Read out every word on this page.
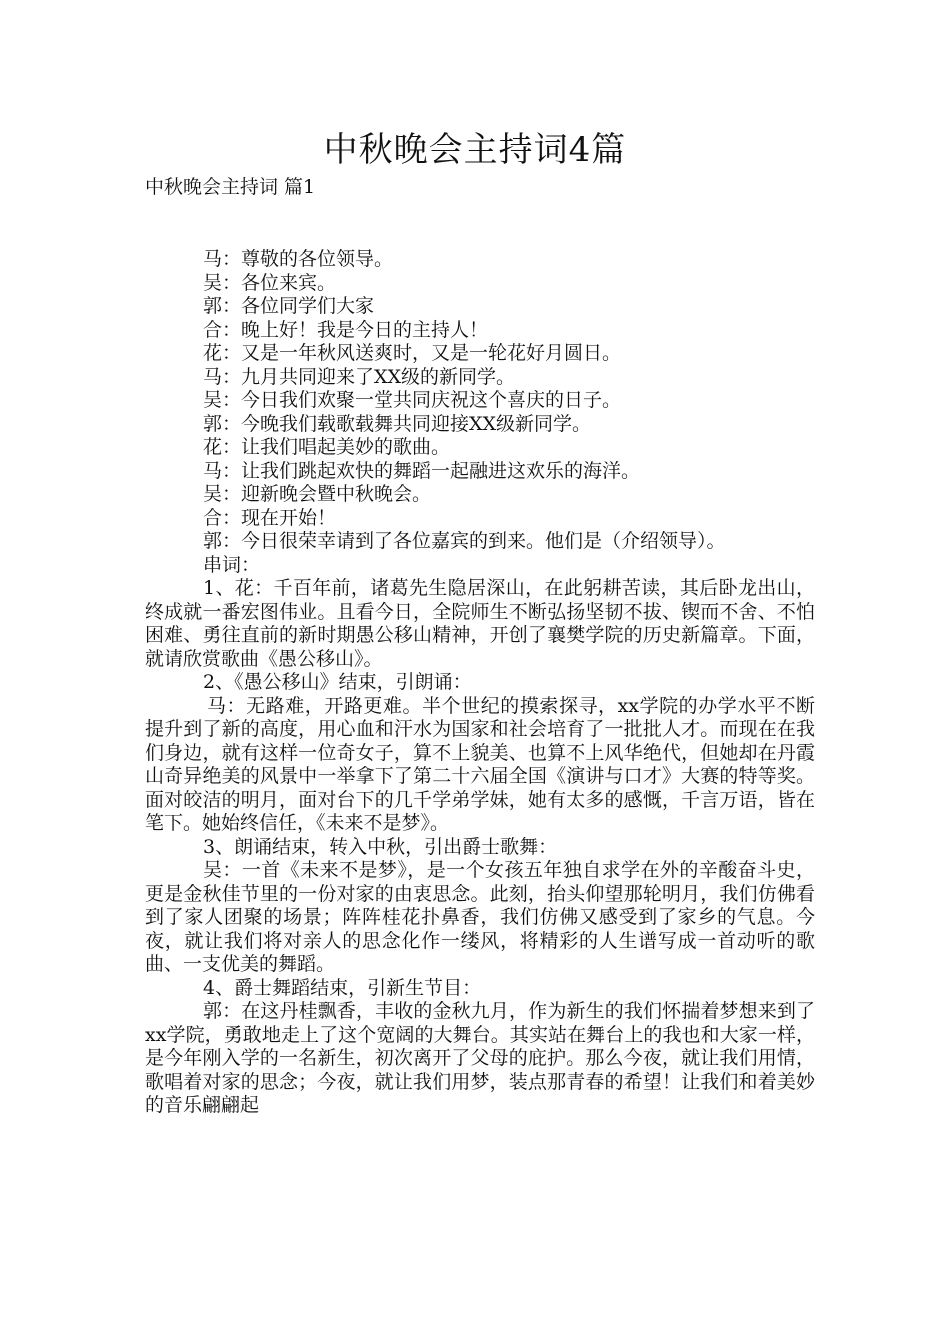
中秋晚会主持词4篇

中秋晚会主持词 篇1

马：尊敬的各位领导。

吴：各位来宾。

郭：各位同学们大家

合：晚上好！我是今日的主持人！

花：又是一年秋风送爽时，又是一轮花好月圆日。

马：九月共同迎来了XX级的新同学。

吴：今日我们欢聚一堂共同庆祝这个喜庆的日子。

郭：今晚我们载歌载舞共同迎接XX级新同学。

花：让我们唱起美妙的歌曲。

马：让我们跳起欢快的舞蹈一起融进这欢乐的海洋。

吴：迎新晚会暨中秋晚会。

合：现在开始！

郭：今日很荣幸请到了各位嘉宾的到来。他们是（介绍领导）。

串词：

1、花：千百年前，诸葛先生隐居深山，在此躬耕苦读，其后卧龙出山，终成就一番宏图伟业。且看今日，全院师生不断弘扬坚韧不拔、锲而不舍、不怕困难、勇往直前的新时期愚公移山精神，开创了襄樊学院的历史新篇章。下面，就请欣赏歌曲《愚公移山》。

2、《愚公移山》结束，引朗诵：

马：无路难，开路更难。半个世纪的摸索探寻，xx学院的办学水平不断提升到了新的高度，用心血和汗水为国家和社会培育了一批批人才。而现在在我们身边，就有这样一位奇女子，算不上貌美、也算不上风华绝代，但她却在丹霞山奇异绝美的风景中一举拿下了第二十六届全国《演讲与口才》大赛的特等奖。面对皎洁的明月，面对台下的几千学弟学妹，她有太多的感慨，千言万语，皆在笔下。她始终信任，《未来不是梦》。

3、朗诵结束，转入中秋，引出爵士歌舞：

吴：一首《未来不是梦》，是一个女孩五年独自求学在外的辛酸奋斗史，更是金秋佳节里的一份对家的由衷思念。此刻，抬头仰望那轮明月，我们仿佛看到了家人团聚的场景；阵阵桂花扑鼻香，我们仿佛又感受到了家乡的气息。今夜，就让我们将对亲人的思念化作一缕风，将精彩的人生谱写成一首动听的歌曲、一支优美的舞蹈。

4、爵士舞蹈结束，引新生节目：

郭：在这丹桂飘香，丰收的金秋九月，作为新生的我们怀揣着梦想来到了xx学院，勇敢地走上了这个宽阔的大舞台。其实站在舞台上的我也和大家一样，是今年刚入学的一名新生，初次离开了父母的庇护。那么今夜，就让我们用情，歌唱着对家的思念；今夜，就让我们用梦，装点那青春的希望！让我们和着美妙的音乐翩翩起
